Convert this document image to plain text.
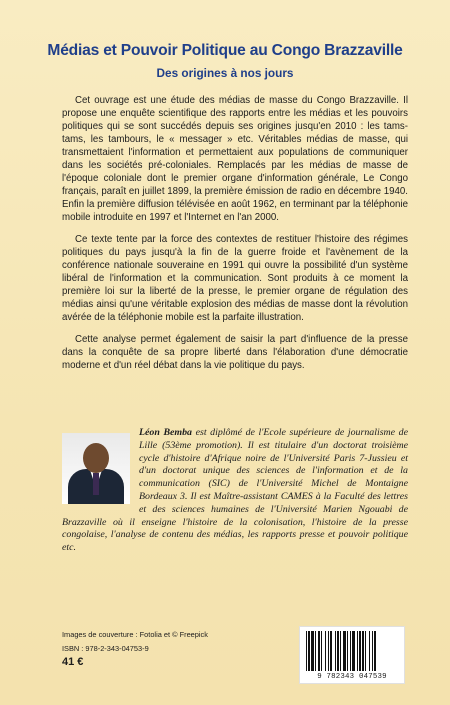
Médias et Pouvoir Politique au Congo Brazzaville
Des origines à nos jours

Cet ouvrage est une étude des médias de masse du Congo Brazzaville. Il propose une enquête scientifique des rapports entre les médias et les pouvoirs politiques qui se sont succédés depuis ses origines jusqu'en 2010 : les tams-tams, les tambours, le « messager » etc. Véritables médias de masse, qui transmettaient l'information et permettaient aux populations de communiquer dans les sociétés pré-coloniales. Remplacés par les médias de masse de l'époque coloniale dont le premier organe d'information générale, Le Congo français, paraît en juillet 1899, la première émission de radio en décembre 1940. Enfin la première diffusion télévisée en août 1962, en terminant par la téléphonie mobile introduite en 1997 et l'Internet en l'an 2000.

Ce texte tente par la force des contextes de restituer l'histoire des régimes politiques du pays jusqu'à la fin de la guerre froide et l'avènement de la conférence nationale souveraine en 1991 qui ouvre la possibilité d'un système libéral de l'information et la communication. Sont produits à ce moment la première loi sur la liberté de la presse, le premier organe de régulation des médias ainsi qu'une véritable explosion des médias de masse dont la révolution avérée de la téléphonie mobile est la parfaite illustration.

Cette analyse permet également de saisir la part d'influence de la presse dans la conquête de sa propre liberté dans l'élaboration d'une démocratie moderne et d'un réel débat dans la vie politique du pays.

Léon Bemba est diplômé de l'Ecole supérieure de journalisme de Lille (53ème promotion). Il est titulaire d'un doctorat troisième cycle d'histoire d'Afrique noire de l'Université Paris 7-Jussieu et d'un doctorat unique des sciences de l'information et de la communication (SIC) de l'Université Michel de Montaigne Bordeaux 3. Il est Maître-assistant CAMES à la Faculté des lettres et des sciences humaines de l'Université Marien Ngouabi de Brazzaville où il enseigne l'histoire de la colonisation, l'histoire de la presse congolaise, l'analyse de contenu des médias, les rapports presse et pouvoir politique etc.
Images de couverture : Fotolia et © Freepick
ISBN : 978-2-343-04753-9
41 €
9 782343 047539
